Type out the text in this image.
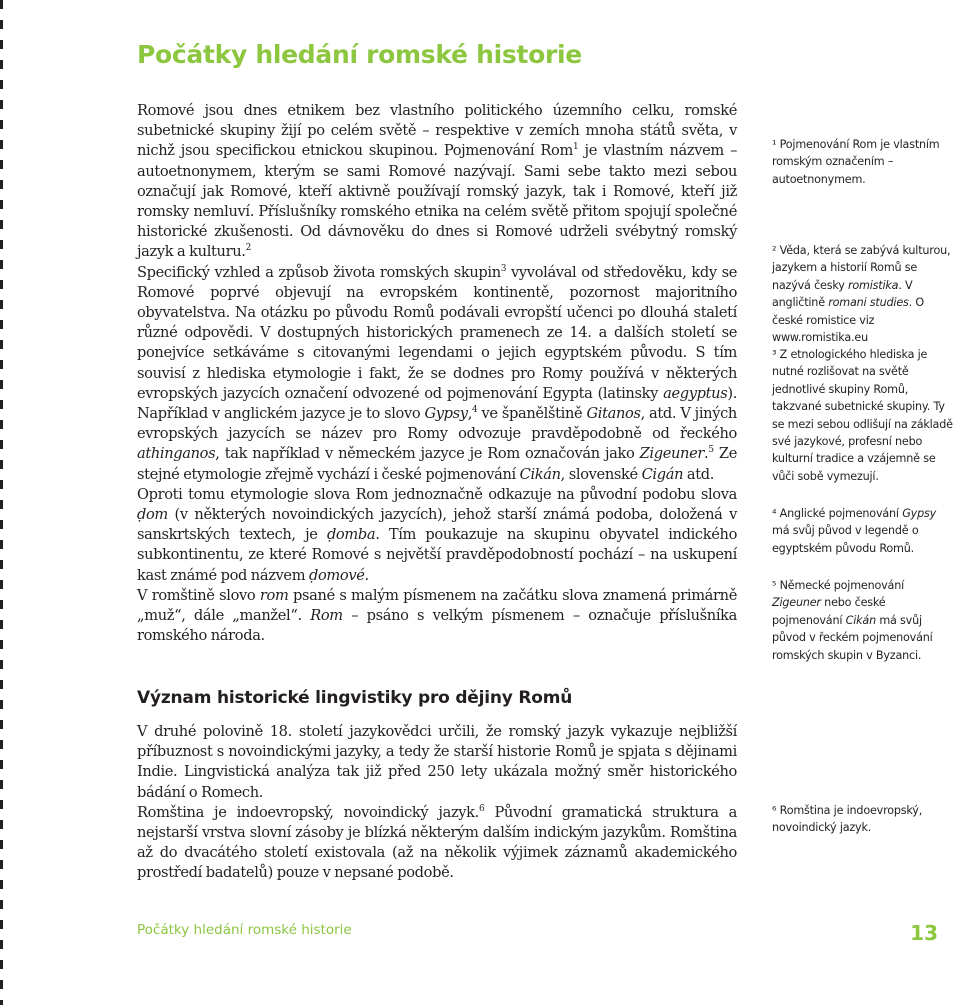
Počátky hledání romské historie

Romové jsou dnes etnikem bez vlastního politického územního celku, romské subetnické skupiny žijí po celém světě – respektive v zemích mnoha států světa, v nichž jsou specifickou etnickou skupinou. Pojmenování Rom$^1$ je vlastním názvem – autoetnonymem, kterým se sami Romové nazývají. Sami sebe takto mezi sebou označují jak Romové, kteří aktivně používají romský jazyk, tak i Romové, kteří již romsky nemluví. Příslušníky romského etnika na celém světě přitom spojují společné historické zkušenosti. Od dávnověku do dnes si Romové udrželi svébytný romský jazyk a kulturu.$^2$

Specifický vzhled a způsob života romských skupin$^3$ vyvolával od středověku, kdy se Romové poprvé objevují na evropském kontinentě, pozornost majoritního obyvatelstva. Na otázku po původu Romů podávali evropští učenci po dlouhá staletí různé odpovědi. V dostupných historických pramenech ze 14. a dalších století se ponejvíce setkáváme s citovanými legendami o jejich egyptském původu. S tím souvisí z hlediska etymologie i fakt, že se dodnes pro Romy používá v některých evropských jazycích označení odvozené od pojmenování Egypta (latinsky aegyptus). Například v anglickém jazyce je to slovo Gypsy,$^4$ ve španělštině Gitanos, atd. V jiných evropských jazycích se název pro Romy odvozuje pravděpodobně od řeckého athinganos, tak například v německém jazyce je Rom označován jako Zigeuner.$^5$ Ze stejné etymologie zřejmě vychází i české pojmenování Cikán, slovenské Cigán atd.

Oproti tomu etymologie slova Rom jednoznačně odkazuje na původní podobu slova ḍom (v některých novoindických jazycích), jehož starší známá podoba, doložená v sanskrtských textech, je ḍomba. Tím poukazuje na skupinu obyvatel indického subkontinentu, ze které Romové s největší pravděpodobností pochází – na uskupení kast známé pod názvem ḍomové.

V romštině slovo rom psané s malým písmenem na začátku slova znamená primárně „muž“, dále „manžel“. Rom – psáno s velkým písmenem – označuje příslušníka romského národa.

Význam historické lingvistiky pro dějiny Romů

V druhé polovině 18. století jazykovědci určili, že romský jazyk vykazuje nejbližší příbuznost s novoindickými jazyky, a tedy že starší historie Romů je spjata s dějinami Indie. Lingvistická analýza tak již před 250 lety ukázala možný směr historického bádání o Romech.

Romština je indoevropský, novoindický jazyk.$^6$ Původní gramatická struktura a nejstarší vrstva slovní zásoby je blízká některým dalším indickým jazykům. Romština až do dvacátého století existovala (až na několik výjimek záznamů akademického prostředí badatelů) pouze v nepsané podobě.

¹ Pojmenování Rom je vlastním romským označením – autoetnonymem.

² Věda, která se zabývá kulturou, jazykem a historií Romů se nazývá česky romistika. V angličtině romani studies. O české romistice viz www.romistika.eu

³ Z etnologického hlediska je nutné rozlišovat na světě jednotlivé skupiny Romů, takzvané subetnické skupiny. Ty se mezi sebou odlišují na základě své jazykové, profesní nebo kulturní tradice a vzájemně se vůči sobě vymezují.

⁴ Anglické pojmenování Gypsy má svůj původ v legendě o egyptském původu Romů.

⁵ Německé pojmenování Zigeuner nebo české pojmenování Cikán má svůj původ v řeckém pojmenování romských skupin v Byzanci.

⁶ Romština je indoevropský, novoindický jazyk.

Počátky hledání romské historie	13
